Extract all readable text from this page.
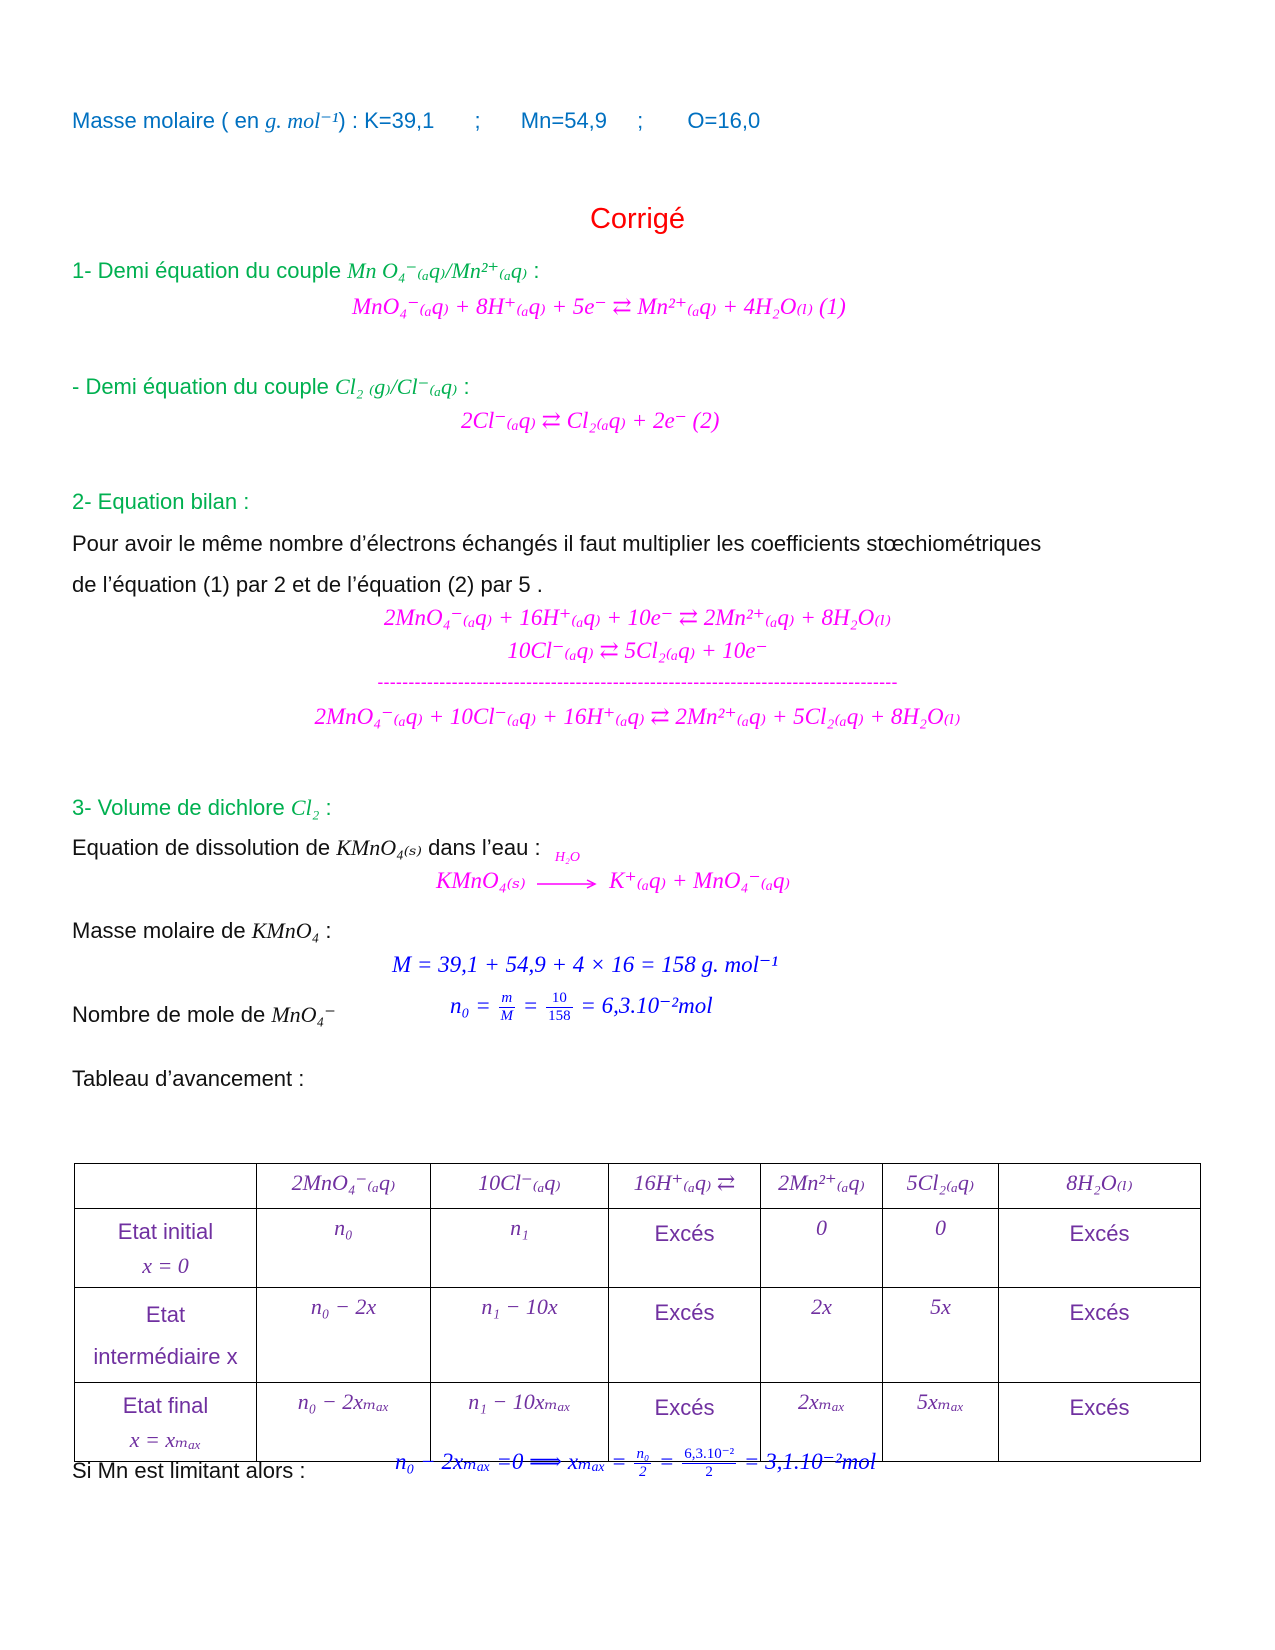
Masse molaire ( en g. mol⁻¹) : K=39,1 ; Mn=54,9 ; O=16,0
Corrigé
1- Demi équation du couple Mn O₄⁻₍ₐq₎/Mn²⁺₍ₐq₎ :
MnO₄⁻₍ₐq₎ + 8H⁺₍ₐq₎ + 5e⁻ ⇄ Mn²⁺₍ₐq₎ + 4H₂O₍ₗ₎ (1)
- Demi équation du couple Cl₂ ₍g₎/Cl⁻₍ₐq₎ :
2Cl⁻₍ₐq₎ ⇄ Cl₂₍ₐq₎ + 2e⁻ (2)
2- Equation bilan :
Pour avoir le même nombre d’électrons échangés il faut multiplier les coefficients stœchiométriques
de l’équation (1) par 2 et de l’équation (2) par 5 .
2MnO₄⁻₍ₐq₎ + 16H⁺₍ₐq₎ + 10e⁻ ⇄ 2Mn²⁺₍ₐq₎ + 8H₂O₍ₗ₎
10Cl⁻₍ₐq₎ ⇄ 5Cl₂₍ₐq₎ + 10e⁻
------------------------------------------------------------------------------------
2MnO₄⁻₍ₐq₎ + 10Cl⁻₍ₐq₎ + 16H⁺₍ₐq₎ ⇄ 2Mn²⁺₍ₐq₎ + 5Cl₂₍ₐq₎ + 8H₂O₍ₗ₎
3- Volume de dichlore Cl₂ :
Equation de dissolution de KMnO₄₍ₛ₎ dans l’eau :
KMnO₄₍ₛ₎
H₂O
K⁺₍ₐq₎ + MnO₄⁻₍ₐq₎
Masse molaire de KMnO₄ :
M = 39,1 + 54,9 + 4 × 16 = 158 g. mol⁻¹
Nombre de mole de MnO₄⁻	$n_0 = \frac{m}{M} = \frac{10}{158} = 6,3.10^{-2}mol$
Tableau d’avancement :
	2MnO₄⁻₍ₐq₎	10Cl⁻₍ₐq₎	16H⁺₍ₐq₎ ⇄	2Mn²⁺₍ₐq₎	5Cl₂₍ₐq₎	8H₂O₍ₗ₎
Etat initial
x = 0	n₀	n₁	Excés	0	0	Excés
Etat
intermédiaire x	n₀ − 2x	n₁ − 10x	Excés	2x	5x	Excés
Etat final
x = xₘₐₓ	n₀ − 2xₘₐₓ	n₁ − 10xₘₐₓ	Excés	2xₘₐₓ	5xₘₐₓ	Excés
Si Mn est limitant alors :	n₀ − 2xₘₐₓ =0 ⟹ $x_{max} = \frac{\text{n₀}}{2} = \frac{\text{6,3.10⁻²}}{2} = 3,1.10^{-2}mol$
